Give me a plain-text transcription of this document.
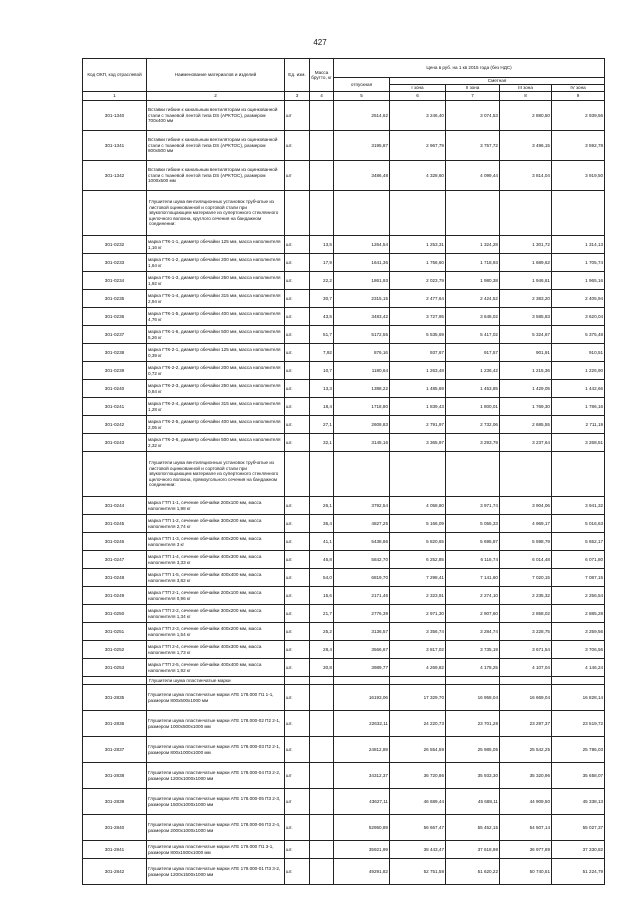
427
Код ОКП, код отраслевой	Наименование материалов и изделий	Ед. изм.	Масса брутто, кг	Цена в руб. на 1 кв 2015 года (без НДС)				
				отпускная	Сметная			
					I зона	II зона	III зона	IV зона
1	2	3	4	5	6	7	8	9
301-1340	Вставки гибкие к канальным вентиляторам из оцинкованной стали с тканевой лентой типа DS (АРКТОС), размером 700х400 мм	шт		2514,62	3 246,40	3 074,53	2 880,50	2 939,56
301-1341	Вставки гибкие к канальным вентиляторам из оцинкованной стали с тканевой лентой типа DS (АРКТОС), размером 800х500 мм	шт.		3195,87	2 967,79	3 757,72	3 496,15	3 592,78
301-1342	Вставки гибкие к канальным вентиляторам из оцинкованной стали с тканевой лентой типа DS (АРКТОС), размером 1000х500 мм	шт		3486,48	4 328,60	4 099,44	3 814,04	3 919,50
	Глушители шума вентиляционных установок трубчатые из листовой оцинкованной и сортовой стали при звукопоглощающем материале из супертонкого стеклянного щелочного волокна, круглого сечения на бандажном соединении:							
301-0232	марка ГТК-1-1, диаметр обечайки 125 мм, масса наполнителя 1,16 кг	шт.	13,5	1264,54	1 253,31	1 324,28	1 301,72	1 314,13
301-0233	марка ГТК-1-2, диаметр обечайки 200 мм, масса наполнителя 1,64 кг	шт.	17,9	1641,36	1 756,60	1 718,93	1 689,62	1 705,74
301-0234	марка ГТК-1-3, диаметр обечайки 250 мм, масса наполнителя 1,92 кг	шт.	22,2	1861,93	2 023,79	1 980,38	1 946,61	1 965,16
301-0235	марка ГТК-1-4, диаметр обечайки 315 мм, масса наполнителя 2,94 кг	шт.	30,7	2315,15	2 477,64	2 424,52	2 383,20	2 405,94
301-0236	марка ГТК-1-5, диаметр обечайки 400 мм, масса наполнителя 4,76 кг	шт.	43,5	3483,42	3 727,95	3 648,02	3 585,83	3 620,04
301-0237	марка ГТК-1-6, диаметр обечайки 500 мм, масса наполнителя 5,26 кг	шт.	51,7	5172,55	5 535,69	5 417,02	5 324,67	5 375,48
301-0238	марка ГТК-2-1, диаметр обечайки 125 мм, масса наполнителя 0,39 кг	шт.	7,92	876,16	937,67	917,57	901,91	910,51
301-0239	марка ГТК-2-2, диаметр обечайки 200 мм, масса наполнителя 0,72 кг	шт.	10,7	1180,64	1 263,48	1 236,42	1 215,36	1 226,90
301-0240	марка ГТК-2-3, диаметр обечайки 250 мм, масса наполнителя 0,84 кг	шт.	13,3	1388,22	1 485,69	1 453,85	1 429,05	1 442,66
301-0241	марка ГТК-2-4, диаметр обечайки 315 мм, масса наполнителя 1,28 кг	шт.	18,4	1718,80	1 839,43	1 800,01	1 769,30	1 786,16
301-0242	марка ГТК-2-5, диаметр обечайки 400 мм, масса наполнителя 2,05 кг	шт.	27,1	2608,83	2 791,97	2 732,06	2 685,55	2 711,19
301-0243	марка ГТК-2-6, диаметр обечайки 500 мм, масса наполнителя 2,32 кг	шт.	32,1	3145,16	3 365,97	3 293,79	3 237,64	3 268,51
	Глушители шума вентиляционных установок трубчатые из листовой оцинкованной и сортовой стали при звукопоглощающем материале из супертонкого стеклянного щелочного волокна, прямоугольного сечения на бандажном соединении:							
301-0244	марка ГТП 1-1, сечение обечайки 200х100 мм, масса наполнителя 1,98 кг	шт.	26,1	3792,54	4 058,80	3 971,74	3 904,06	3 941,32
301-0245	марка ГТП 1-2, сечение обечайки 300х200 мм, масса наполнителя 2,74 кг	шт.	36,4	4827,25	5 166,09	5 055,33	4 969,17	5 016,63
301-0246	марка ГТП 1-3, сечение обечайки 400х200 мм, масса наполнителя 3 кг	шт.	41,1	5438,86	5 820,65	5 695,87	5 598,79	5 652,17
301-0247	марка ГТП 1-4, сечение обечайки 400х300 мм, масса наполнителя 3,33 кг	шт.	46,8	5842,70	6 252,85	6 116,74	6 014,48	6 071,80
301-0248	марка ГТП 1-5, сечение обечайки 400х400 мм, масса наполнителя 3,82 кг	шт.	54,0	6819,70	7 298,41	7 141,60	7 020,15	7 087,15
301-0249	марка ГТП 2-1, сечение обечайки 200х100 мм, масса наполнителя 0,96 кг	шт.	15,6	2171,46	2 323,91	2 274,10	2 235,32	2 256,54
301-0250	марка ГТП 2-2, сечение обечайки 300х200 мм, масса наполнителя 1,34 кг	шт.	21,7	2776,39	2 971,30	2 907,60	2 858,02	2 885,28
301-0251	марка ГТП 2-3, сечение обечайки 400х200 мм, масса наполнителя 1,54 кг	шт.	25,2	3136,57	3 356,74	3 284,74	3 228,75	3 259,56
301-0252	марка ГТП 2-4, сечение обечайки 400х300 мм, масса наполнителя 1,73 кг	шт.	28,4	3566,67	3 817,02	3 735,19	3 671,54	3 706,56
301-0253	марка ГТП 2-5, сечение обечайки 400х400 мм, масса наполнителя 1,92 кг	шт.	30,8	3989,77	4 269,82	4 178,25	4 107,04	4 146,24
	Глушители шума пластинчатые марки							
301-2835	Глушители шума пластинчатые марки АТЕ 178.000 П1 1-1, размером 800х500х1000 мм	шт.		16193,06	17 329,70	16 958,04	16 669,04	16 828,14
301-2836	Глушители шума пластинчатые марки АТЕ 178.000-02 П2 2-1, размером 1000х500х1000 мм	шт.		22632,11	24 220,73	23 701,28	23 297,37	23 519,72
301-2837	Глушители шума пластинчатые марки АТЕ 178.000-03 П2 2-1, размером 800х1000х1000 мм	шт.		24812,89	26 554,59	25 985,05	25 542,25	25 786,03
301-2838	Глушители шума пластинчатые марки АТЕ 178.000-04 П3 2-2, размером 1200х1000х1000 мм	шт		34312,37	36 720,86	35 933,30	35 320,96	35 658,07
301-2839	Глушители шума пластинчатые марки АТЕ 178.000-05 П3 2-3, размером 1500х1000х1000 мм	шт		43627,11	46 689,44	45 688,11	44 909,50	45 338,13
301-2840	Глушители шума пластинчатые марки АТЕ 178.000-06 П3 2-4, размером 2000х1000х1000 мм	шт.		52950,89	56 667,47	55 452,15	54 507,14	55 027,37
301-2841	Глушители шума пластинчатые марки АТЕ 179.000 П1 3-1, размером 800х1500х1000 мм	шт.		35921,99	38 443,47	37 618,98	36 977,89	37 330,82
301-2842	Глушители шума пластинчатые марки АТЕ 179.000-01 П3 3-2, размером 1200х1500х1000 мм	шт.		49291,82	52 751,58	51 620,22	50 740,51	51 224,79
